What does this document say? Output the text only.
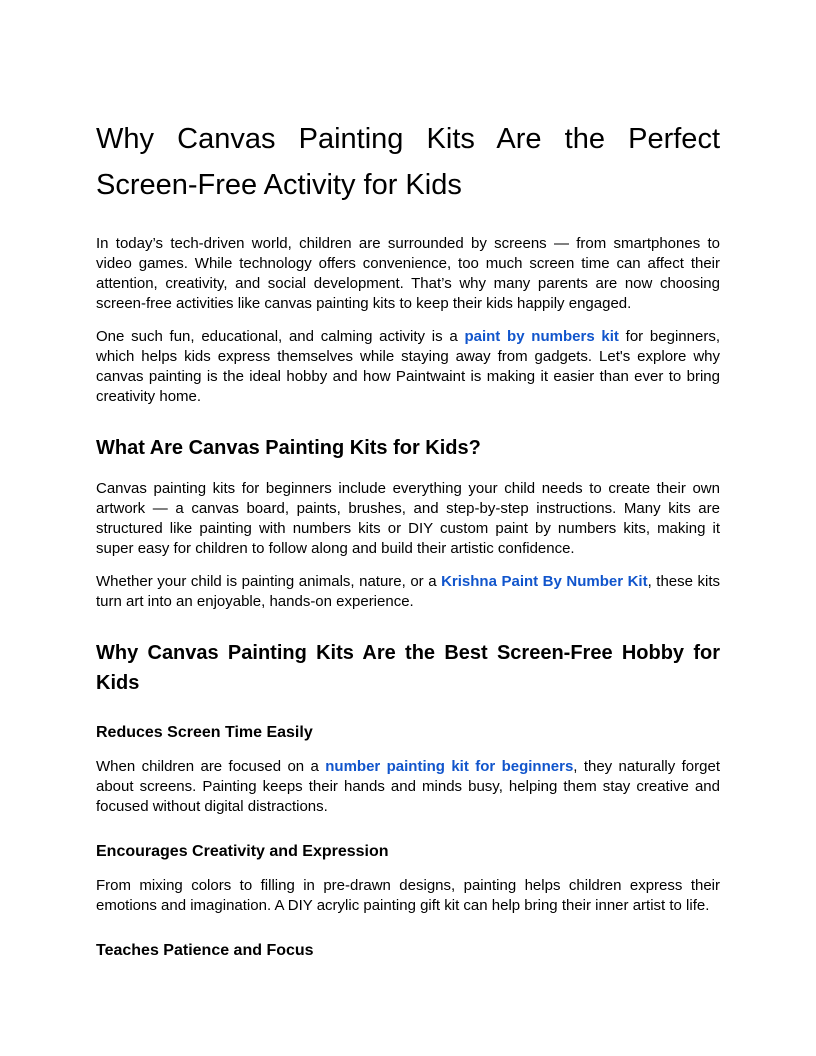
Why Canvas Painting Kits Are the Perfect Screen-Free Activity for Kids

In today’s tech-driven world, children are surrounded by screens — from smartphones to video games. While technology offers convenience, too much screen time can affect their attention, creativity, and social development. That’s why many parents are now choosing screen-free activities like canvas painting kits to keep their kids happily engaged.

One such fun, educational, and calming activity is a paint by numbers kit for beginners, which helps kids express themselves while staying away from gadgets. Let's explore why canvas painting is the ideal hobby and how Paintwaint is making it easier than ever to bring creativity home.

What Are Canvas Painting Kits for Kids?

Canvas painting kits for beginners include everything your child needs to create their own artwork — a canvas board, paints, brushes, and step-by-step instructions. Many kits are structured like painting with numbers kits or DIY custom paint by numbers kits, making it super easy for children to follow along and build their artistic confidence.

Whether your child is painting animals, nature, or a Krishna Paint By Number Kit, these kits turn art into an enjoyable, hands-on experience.

Why Canvas Painting Kits Are the Best Screen-Free Hobby for Kids
Reduces Screen Time Easily

When children are focused on a number painting kit for beginners, they naturally forget about screens. Painting keeps their hands and minds busy, helping them stay creative and focused without digital distractions.

Encourages Creativity and Expression

From mixing colors to filling in pre-drawn designs, painting helps children express their emotions and imagination. A DIY acrylic painting gift kit can help bring their inner artist to life.

Teaches Patience and Focus
